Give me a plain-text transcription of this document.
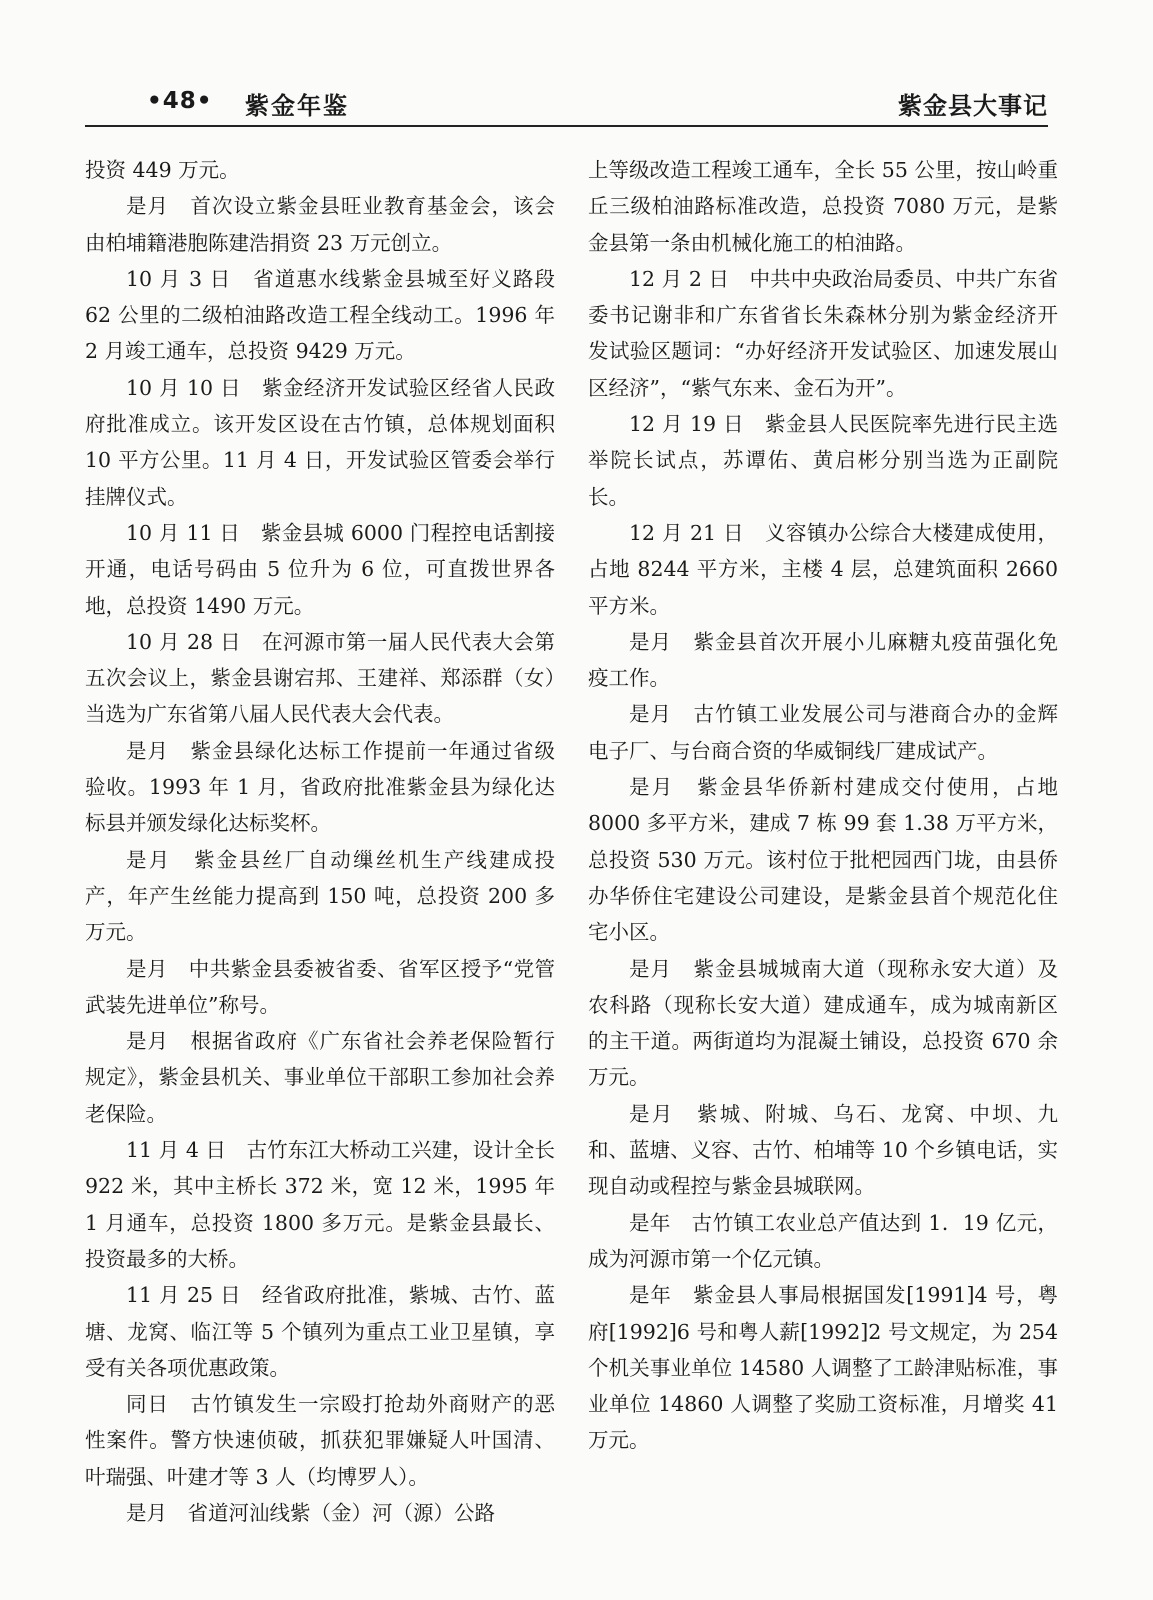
•48• 紫金年鉴	紫金县大事记

投资 449 万元。

是月　首次设立紫金县旺业教育基金会，该会由柏埔籍港胞陈建浩捐资 23 万元创立。

10 月 3 日　省道惠水线紫金县城至好义路段 62 公里的二级柏油路改造工程全线动工。1996 年 2 月竣工通车，总投资 9429 万元。

10 月 10 日　紫金经济开发试验区经省人民政府批准成立。该开发区设在古竹镇，总体规划面积 10 平方公里。11 月 4 日，开发试验区管委会举行挂牌仪式。

10 月 11 日　紫金县城 6000 门程控电话割接开通，电话号码由 5 位升为 6 位，可直拨世界各地，总投资 1490 万元。

10 月 28 日　在河源市第一届人民代表大会第五次会议上，紫金县谢宕邦、王建祥、郑添群（女）当选为广东省第八届人民代表大会代表。

是月　紫金县绿化达标工作提前一年通过省级验收。1993 年 1 月，省政府批准紫金县为绿化达标县并颁发绿化达标奖杯。

是月　紫金县丝厂自动缫丝机生产线建成投产，年产生丝能力提高到 150 吨，总投资 200 多万元。

是月　中共紫金县委被省委、省军区授予“党管武装先进单位”称号。

是月　根据省政府《广东省社会养老保险暂行规定》，紫金县机关、事业单位干部职工参加社会养老保险。

11 月 4 日　古竹东江大桥动工兴建，设计全长 922 米，其中主桥长 372 米，宽 12 米，1995 年 1 月通车，总投资 1800 多万元。是紫金县最长、投资最多的大桥。

11 月 25 日　经省政府批准，紫城、古竹、蓝塘、龙窝、临江等 5 个镇列为重点工业卫星镇，享受有关各项优惠政策。

同日　古竹镇发生一宗殴打抢劫外商财产的恶性案件。警方快速侦破，抓获犯罪嫌疑人叶国清、叶瑞强、叶建才等 3 人（均博罗人）。

是月　省道河汕线紫（金）河（源）公路

上等级改造工程竣工通车，全长 55 公里，按山岭重丘三级柏油路标准改造，总投资 7080 万元，是紫金县第一条由机械化施工的柏油路。

12 月 2 日　中共中央政治局委员、中共广东省委书记谢非和广东省省长朱森林分别为紫金经济开发试验区题词：“办好经济开发试验区、加速发展山区经济”，“紫气东来、金石为开”。

12 月 19 日　紫金县人民医院率先进行民主选举院长试点，苏谭佑、黄启彬分别当选为正副院长。

12 月 21 日　义容镇办公综合大楼建成使用，占地 8244 平方米，主楼 4 层，总建筑面积 2660 平方米。

是月　紫金县首次开展小儿麻糖丸疫苗强化免疫工作。

是月　古竹镇工业发展公司与港商合办的金辉电子厂、与台商合资的华威铜线厂建成试产。

是月　紫金县华侨新村建成交付使用，占地 8000 多平方米，建成 7 栋 99 套 1.38 万平方米，总投资 530 万元。该村位于批杷园西门垅，由县侨办华侨住宅建设公司建设，是紫金县首个规范化住宅小区。

是月　紫金县城城南大道（现称永安大道）及农科路（现称长安大道）建成通车，成为城南新区的主干道。两街道均为混凝土铺设，总投资 670 余万元。

是月　紫城、附城、乌石、龙窝、中坝、九和、蓝塘、义容、古竹、柏埔等 10 个乡镇电话，实现自动或程控与紫金县城联网。

是年　古竹镇工农业总产值达到 1．19 亿元，成为河源市第一个亿元镇。

是年　紫金县人事局根据国发[1991]4 号，粤府[1992]6 号和粤人薪[1992]2 号文规定，为 254 个机关事业单位 14580 人调整了工龄津贴标准，事业单位 14860 人调整了奖励工资标准，月增奖 41 万元。
